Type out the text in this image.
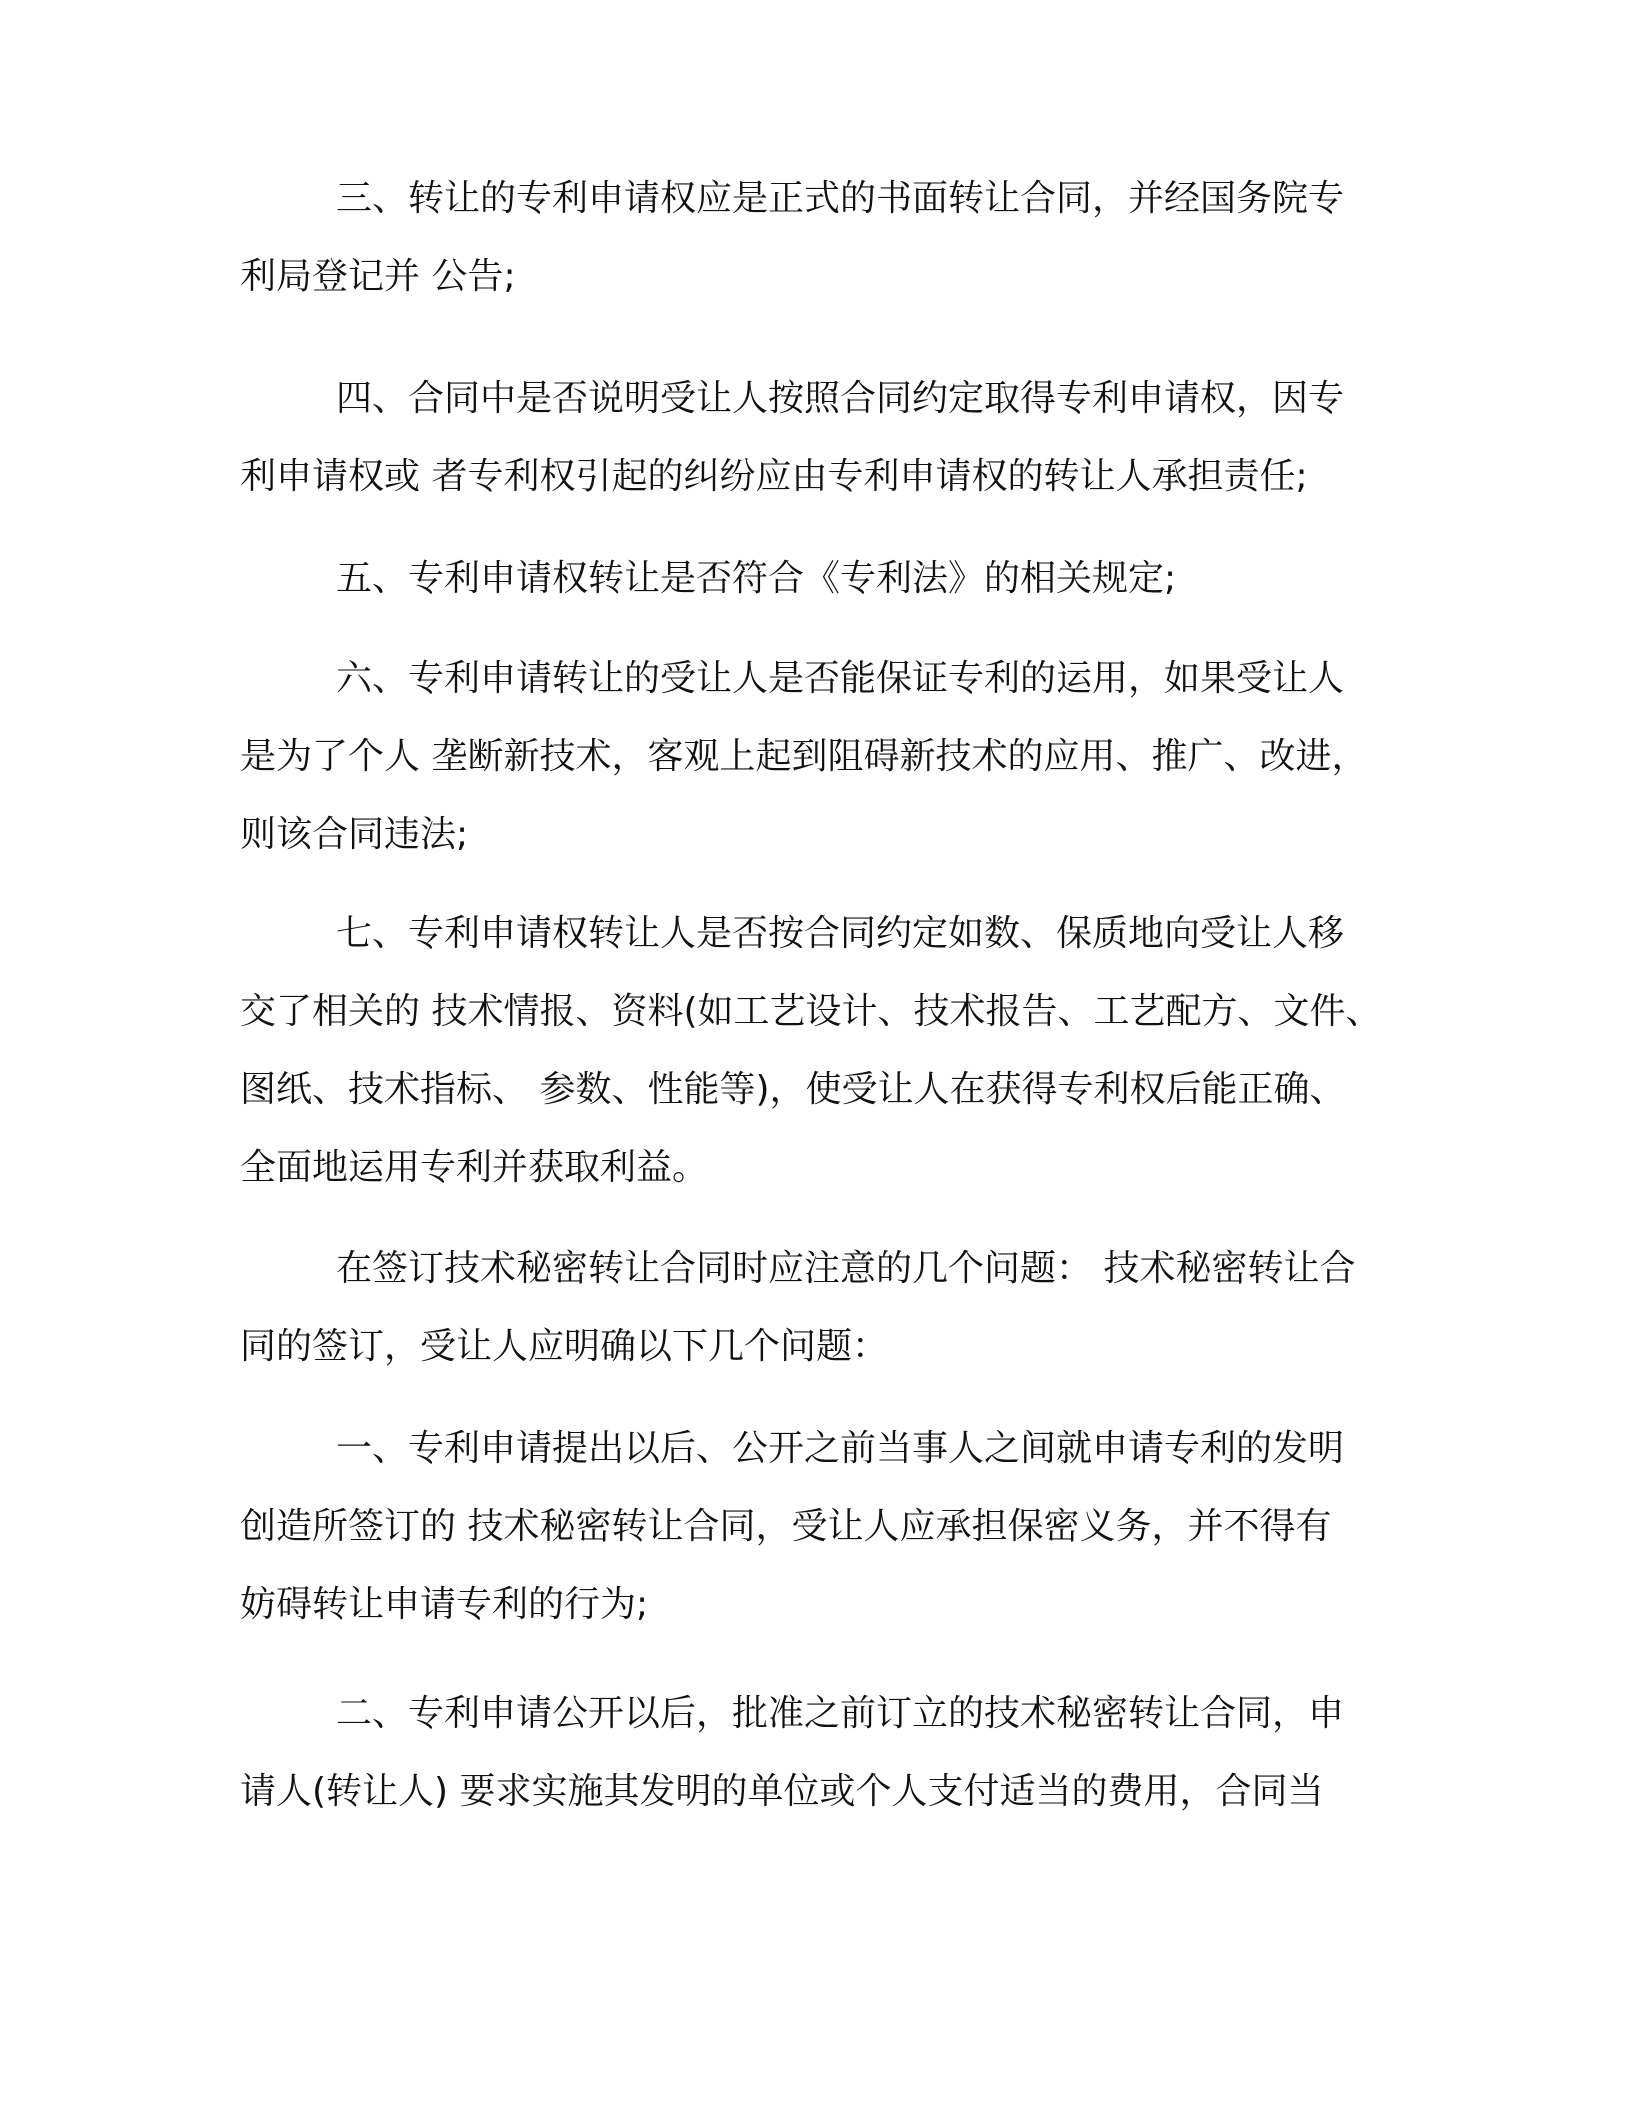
三、转让的专利申请权应是正式的书面转让合同，并经国务院专
利局登记并 公告;
四、合同中是否说明受让人按照合同约定取得专利申请权，因专
利申请权或 者专利权引起的纠纷应由专利申请权的转让人承担责任;
五、专利申请权转让是否符合《专利法》的相关规定;
六、专利申请转让的受让人是否能保证专利的运用，如果受让人
是为了个人 垄断新技术，客观上起到阻碍新技术的应用、推广、改进，
则该合同违法;
七、专利申请权转让人是否按合同约定如数、保质地向受让人移
交了相关的 技术情报、资料(如工艺设计、技术报告、工艺配方、文件、
图纸、技术指标、 参数、性能等)，使受让人在获得专利权后能正确、
全面地运用专利并获取利益。
在签订技术秘密转让合同时应注意的几个问题： 技术秘密转让合
同的签订，受让人应明确以下几个问题：
一、专利申请提出以后、公开之前当事人之间就申请专利的发明
创造所签订的 技术秘密转让合同，受让人应承担保密义务，并不得有
妨碍转让申请专利的行为;
二、专利申请公开以后，批准之前订立的技术秘密转让合同，申
请人(转让人) 要求实施其发明的单位或个人支付适当的费用，合同当
